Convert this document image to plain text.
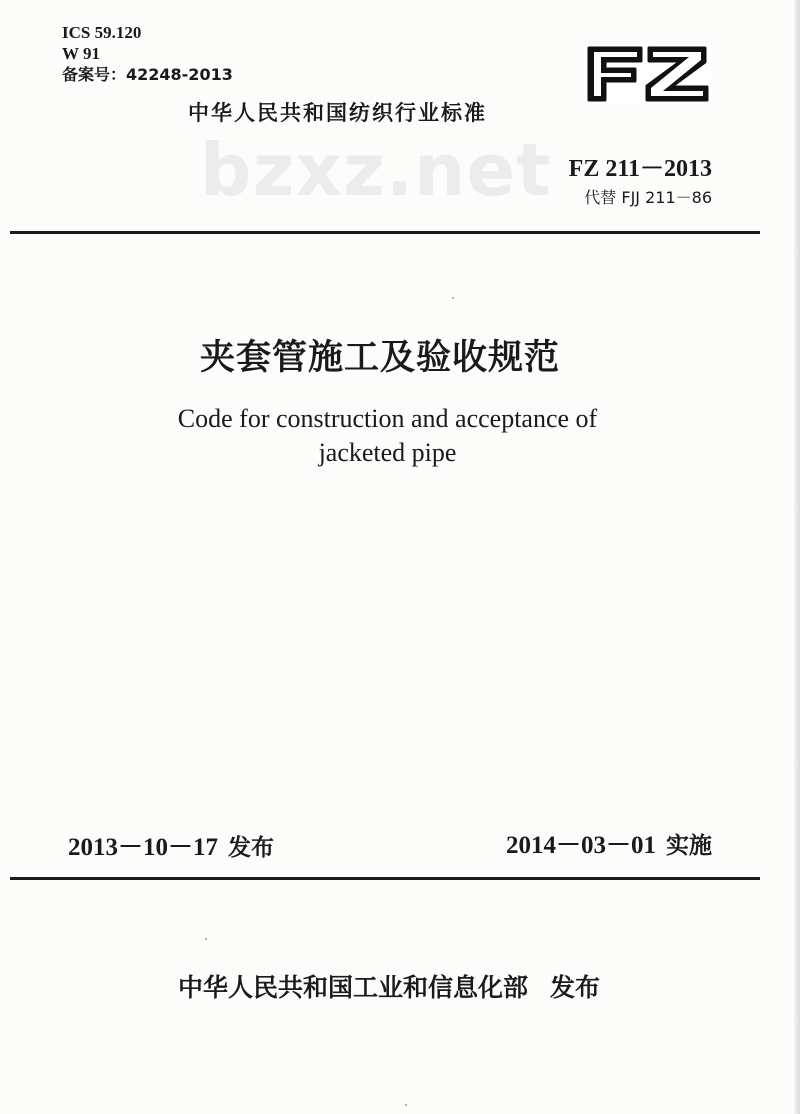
ICS 59.120
W 91
备案号：42248-2013
中华人民共和国纺织行业标准
bzxz.net FZ 211－2013
代替 FJJ 211－86
夹套管施工及验收规范
Code for construction and acceptance of
jacketed pipe
2013－10－17 发布	2014－03－01 实施
中华人民共和国工业和信息化部 发布
